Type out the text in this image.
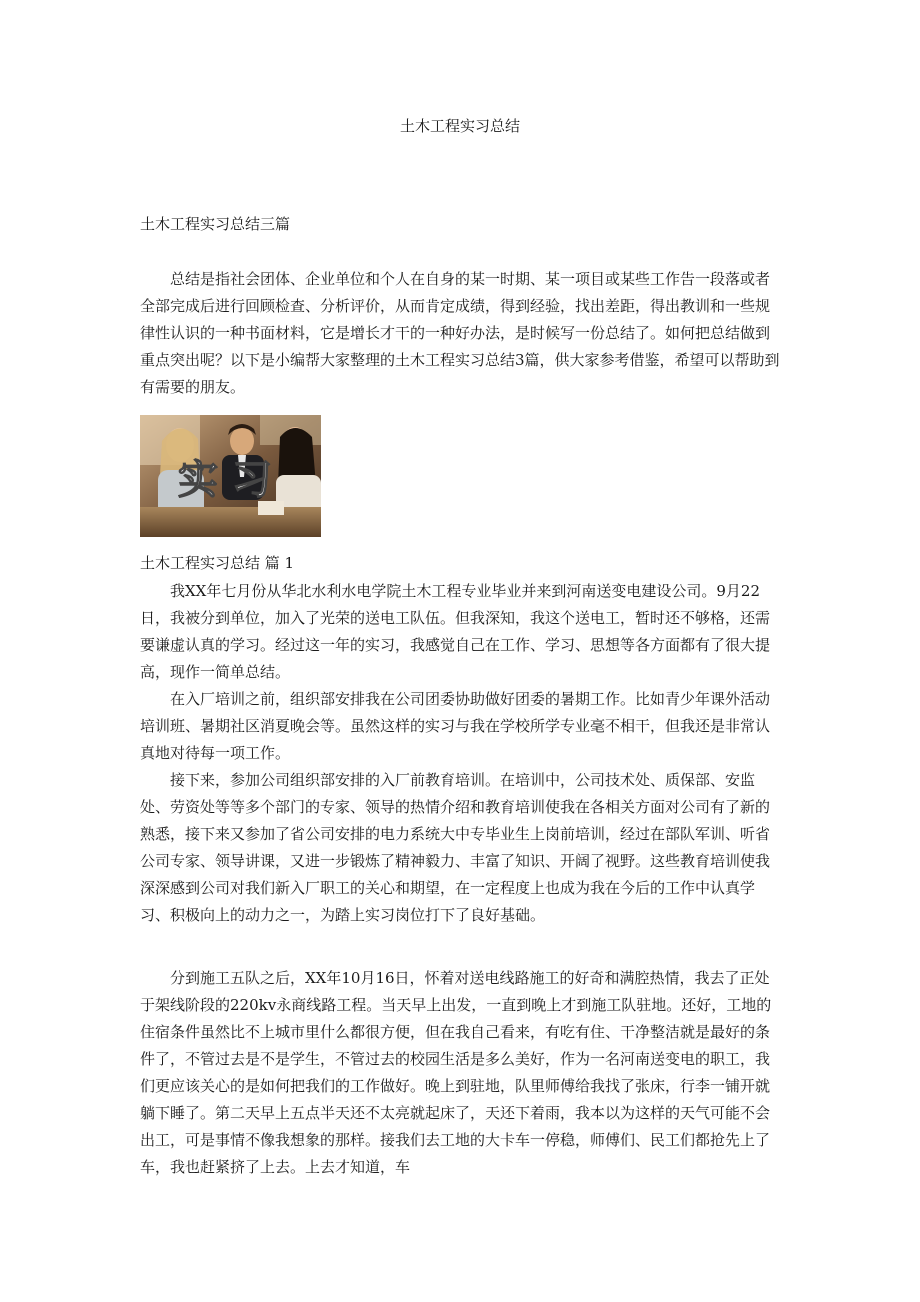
土木工程实习总结
土木工程实习总结三篇

总结是指社会团体、企业单位和个人在自身的某一时期、某一项目或某些工作告一段落或者全部完成后进行回顾检查、分析评价，从而肯定成绩，得到经验，找出差距，得出教训和一些规律性认识的一种书面材料，它是增长才干的一种好办法，是时候写一份总结了。如何把总结做到重点突出呢？以下是小编帮大家整理的土木工程实习总结3篇，供大家参考借鉴，希望可以帮助到有需要的朋友。

实 习
土木工程实习总结 篇 1

我XX年七月份从华北水利水电学院土木工程专业毕业并来到河南送变电建设公司。9月22日，我被分到单位，加入了光荣的送电工队伍。但我深知，我这个送电工，暂时还不够格，还需要谦虚认真的学习。经过这一年的实习，我感觉自己在工作、学习、思想等各方面都有了很大提高，现作一简单总结。

在入厂培训之前，组织部安排我在公司团委协助做好团委的暑期工作。比如青少年课外活动培训班、暑期社区消夏晚会等。虽然这样的实习与我在学校所学专业毫不相干，但我还是非常认真地对待每一项工作。

接下来，参加公司组织部安排的入厂前教育培训。在培训中，公司技术处、质保部、安监处、劳资处等等多个部门的专家、领导的热情介绍和教育培训使我在各相关方面对公司有了新的熟悉，接下来又参加了省公司安排的电力系统大中专毕业生上岗前培训，经过在部队军训、听省公司专家、领导讲课，又进一步锻炼了精神毅力、丰富了知识、开阔了视野。这些教育培训使我深深感到公司对我们新入厂职工的关心和期望，在一定程度上也成为我在今后的工作中认真学习、积极向上的动力之一，为踏上实习岗位打下了良好基础。

分到施工五队之后，XX年10月16日，怀着对送电线路施工的好奇和满腔热情，我去了正处于架线阶段的220kv永商线路工程。当天早上出发，一直到晚上才到施工队驻地。还好，工地的住宿条件虽然比不上城市里什么都很方便，但在我自己看来，有吃有住、干净整洁就是最好的条件了，不管过去是不是学生，不管过去的校园生活是多么美好，作为一名河南送变电的职工，我们更应该关心的是如何把我们的工作做好。晚上到驻地，队里师傅给我找了张床，行李一铺开就躺下睡了。第二天早上五点半天还不太亮就起床了，天还下着雨，我本以为这样的天气可能不会出工，可是事情不像我想象的那样。接我们去工地的大卡车一停稳，师傅们、民工们都抢先上了车，我也赶紧挤了上去。上去才知道，车
